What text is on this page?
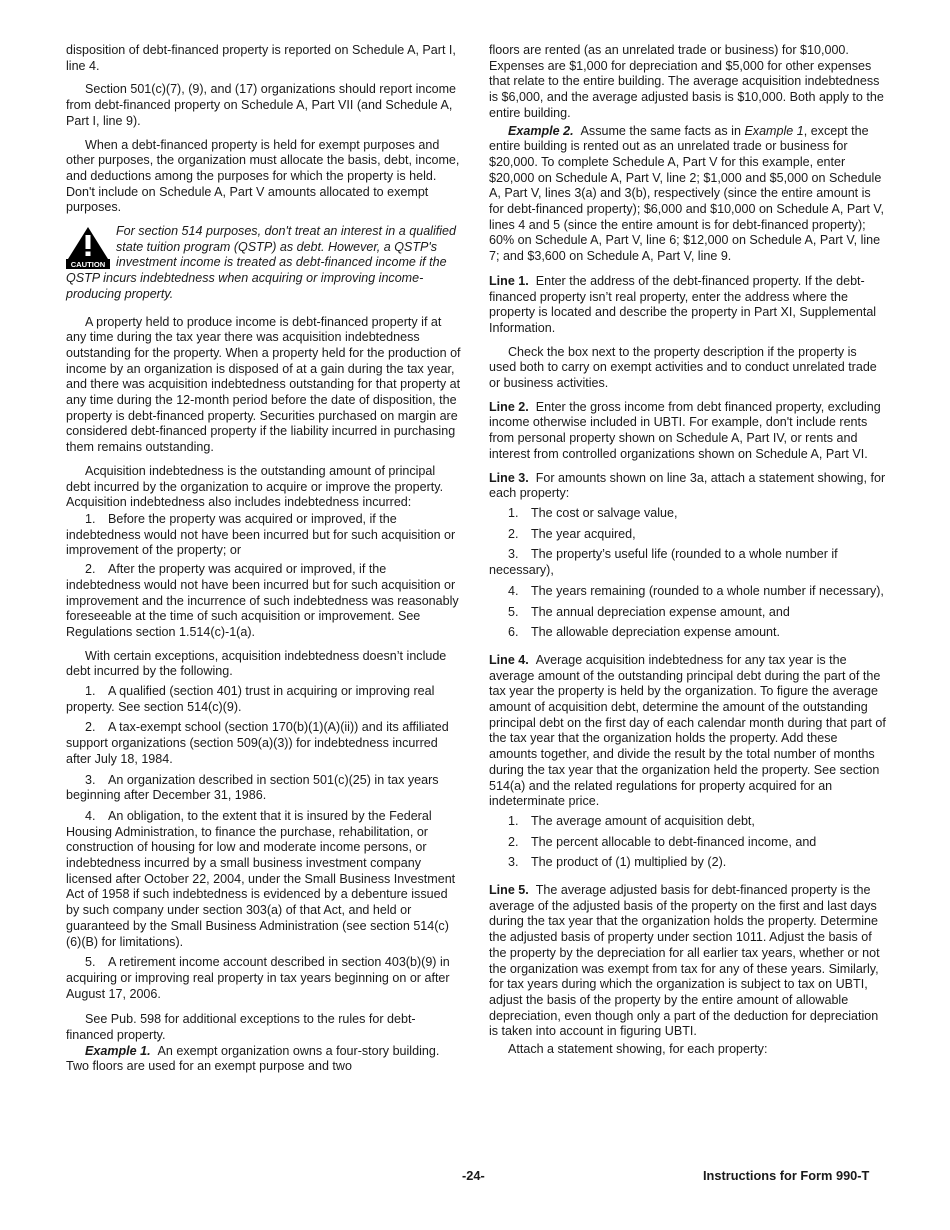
disposition of debt-financed property is reported on Schedule A, Part I, line 4.

Section 501(c)(7), (9), and (17) organizations should report income from debt-financed property on Schedule A, Part VII (and Schedule A, Part I, line 9).

When a debt-financed property is held for exempt purposes and other purposes, the organization must allocate the basis, debt, income, and deductions among the purposes for which the property is held. Don't include on Schedule A, Part V amounts allocated to exempt purposes.

CAUTION
For section 514 purposes, don't treat an interest in a qualified state tuition program (QSTP) as debt. However, a QSTP's investment income is treated as debt-financed income if the QSTP incurs indebtedness when acquiring or improving income-producing property.

A property held to produce income is debt-financed property if at any time during the tax year there was acquisition indebtedness outstanding for the property. When a property held for the production of income by an organization is disposed of at a gain during the tax year, and there was acquisition indebtedness outstanding for that property at any time during the 12-month period before the date of disposition, the property is debt-financed property. Securities purchased on margin are considered debt-financed property if the liability incurred in purchasing them remains outstanding.

Acquisition indebtedness is the outstanding amount of principal debt incurred by the organization to acquire or improve the property. Acquisition indebtedness also includes indebtedness incurred:

1. Before the property was acquired or improved, if the indebtedness would not have been incurred but for such acquisition or improvement of the property; or

2. After the property was acquired or improved, if the indebtedness would not have been incurred but for such acquisition or improvement and the incurrence of such indebtedness was reasonably foreseeable at the time of such acquisition or improvement. See Regulations section 1.514(c)-1(a).

With certain exceptions, acquisition indebtedness doesn’t include debt incurred by the following.

1. A qualified (section 401) trust in acquiring or improving real property. See section 514(c)(9).

2. A tax-exempt school (section 170(b)(1)(A)(ii)) and its affiliated support organizations (section 509(a)(3)) for indebtedness incurred after July 18, 1984.

3. An organization described in section 501(c)(25) in tax years beginning after December 31, 1986.

4. An obligation, to the extent that it is insured by the Federal Housing Administration, to finance the purchase, rehabilitation, or construction of housing for low and moderate income persons, or indebtedness incurred by a small business investment company licensed after October 22, 2004, under the Small Business Investment Act of 1958 if such indebtedness is evidenced by a debenture issued by such company under section 303(a) of that Act, and held or guaranteed by the Small Business Administration (see section 514(c)(6)(B) for limitations).

5. A retirement income account described in section 403(b)(9) in acquiring or improving real property in tax years beginning on or after August 17, 2006.

See Pub. 598 for additional exceptions to the rules for debt-financed property.

Example 1. An exempt organization owns a four-story building. Two floors are used for an exempt purpose and two

floors are rented (as an unrelated trade or business) for $10,000. Expenses are $1,000 for depreciation and $5,000 for other expenses that relate to the entire building. The average acquisition indebtedness is $6,000, and the average adjusted basis is $10,000. Both apply to the entire building.

Example 2. Assume the same facts as in Example 1, except the entire building is rented out as an unrelated trade or business for $20,000. To complete Schedule A, Part V for this example, enter $20,000 on Schedule A, Part V, line 2; $1,000 and $5,000 on Schedule A, Part V, lines 3(a) and 3(b), respectively (since the entire amount is for debt-financed property); $6,000 and $10,000 on Schedule A, Part V, lines 4 and 5 (since the entire amount is for debt-financed property); 60% on Schedule A, Part V, line 6; $12,000 on Schedule A, Part V, line 7; and $3,600 on Schedule A, Part V, line 9.

Line 1. Enter the address of the debt-financed property. If the debt-financed property isn’t real property, enter the address where the property is located and describe the property in Part XI, Supplemental Information.

Check the box next to the property description if the property is used both to carry on exempt activities and to conduct unrelated trade or business activities.

Line 2. Enter the gross income from debt financed property, excluding income otherwise included in UBTI. For example, don't include rents from personal property shown on Schedule A, Part IV, or rents and interest from controlled organizations shown on Schedule A, Part VI.

Line 3. For amounts shown on line 3a, attach a statement showing, for each property:

1. The cost or salvage value,

2. The year acquired,

3. The property’s useful life (rounded to a whole number if necessary),

4. The years remaining (rounded to a whole number if necessary),

5. The annual depreciation expense amount, and

6. The allowable depreciation expense amount.

Line 4. Average acquisition indebtedness for any tax year is the average amount of the outstanding principal debt during the part of the tax year the property is held by the organization. To figure the average amount of acquisition debt, determine the amount of the outstanding principal debt on the first day of each calendar month during that part of the tax year that the organization holds the property. Add these amounts together, and divide the result by the total number of months during the tax year that the organization held the property. See section 514(a) and the related regulations for property acquired for an indeterminate price.

1. The average amount of acquisition debt,

2. The percent allocable to debt-financed income, and

3. The product of (1) multiplied by (2).

Line 5. The average adjusted basis for debt-financed property is the average of the adjusted basis of the property on the first and last days during the tax year that the organization holds the property. Determine the adjusted basis of property under section 1011. Adjust the basis of the property by the depreciation for all earlier tax years, whether or not the organization was exempt from tax for any of these years. Similarly, for tax years during which the organization is subject to tax on UBTI, adjust the basis of the property by the entire amount of allowable depreciation, even though only a part of the deduction for depreciation is taken into account in figuring UBTI.

Attach a statement showing, for each property:

-24-	Instructions for Form 990-T
